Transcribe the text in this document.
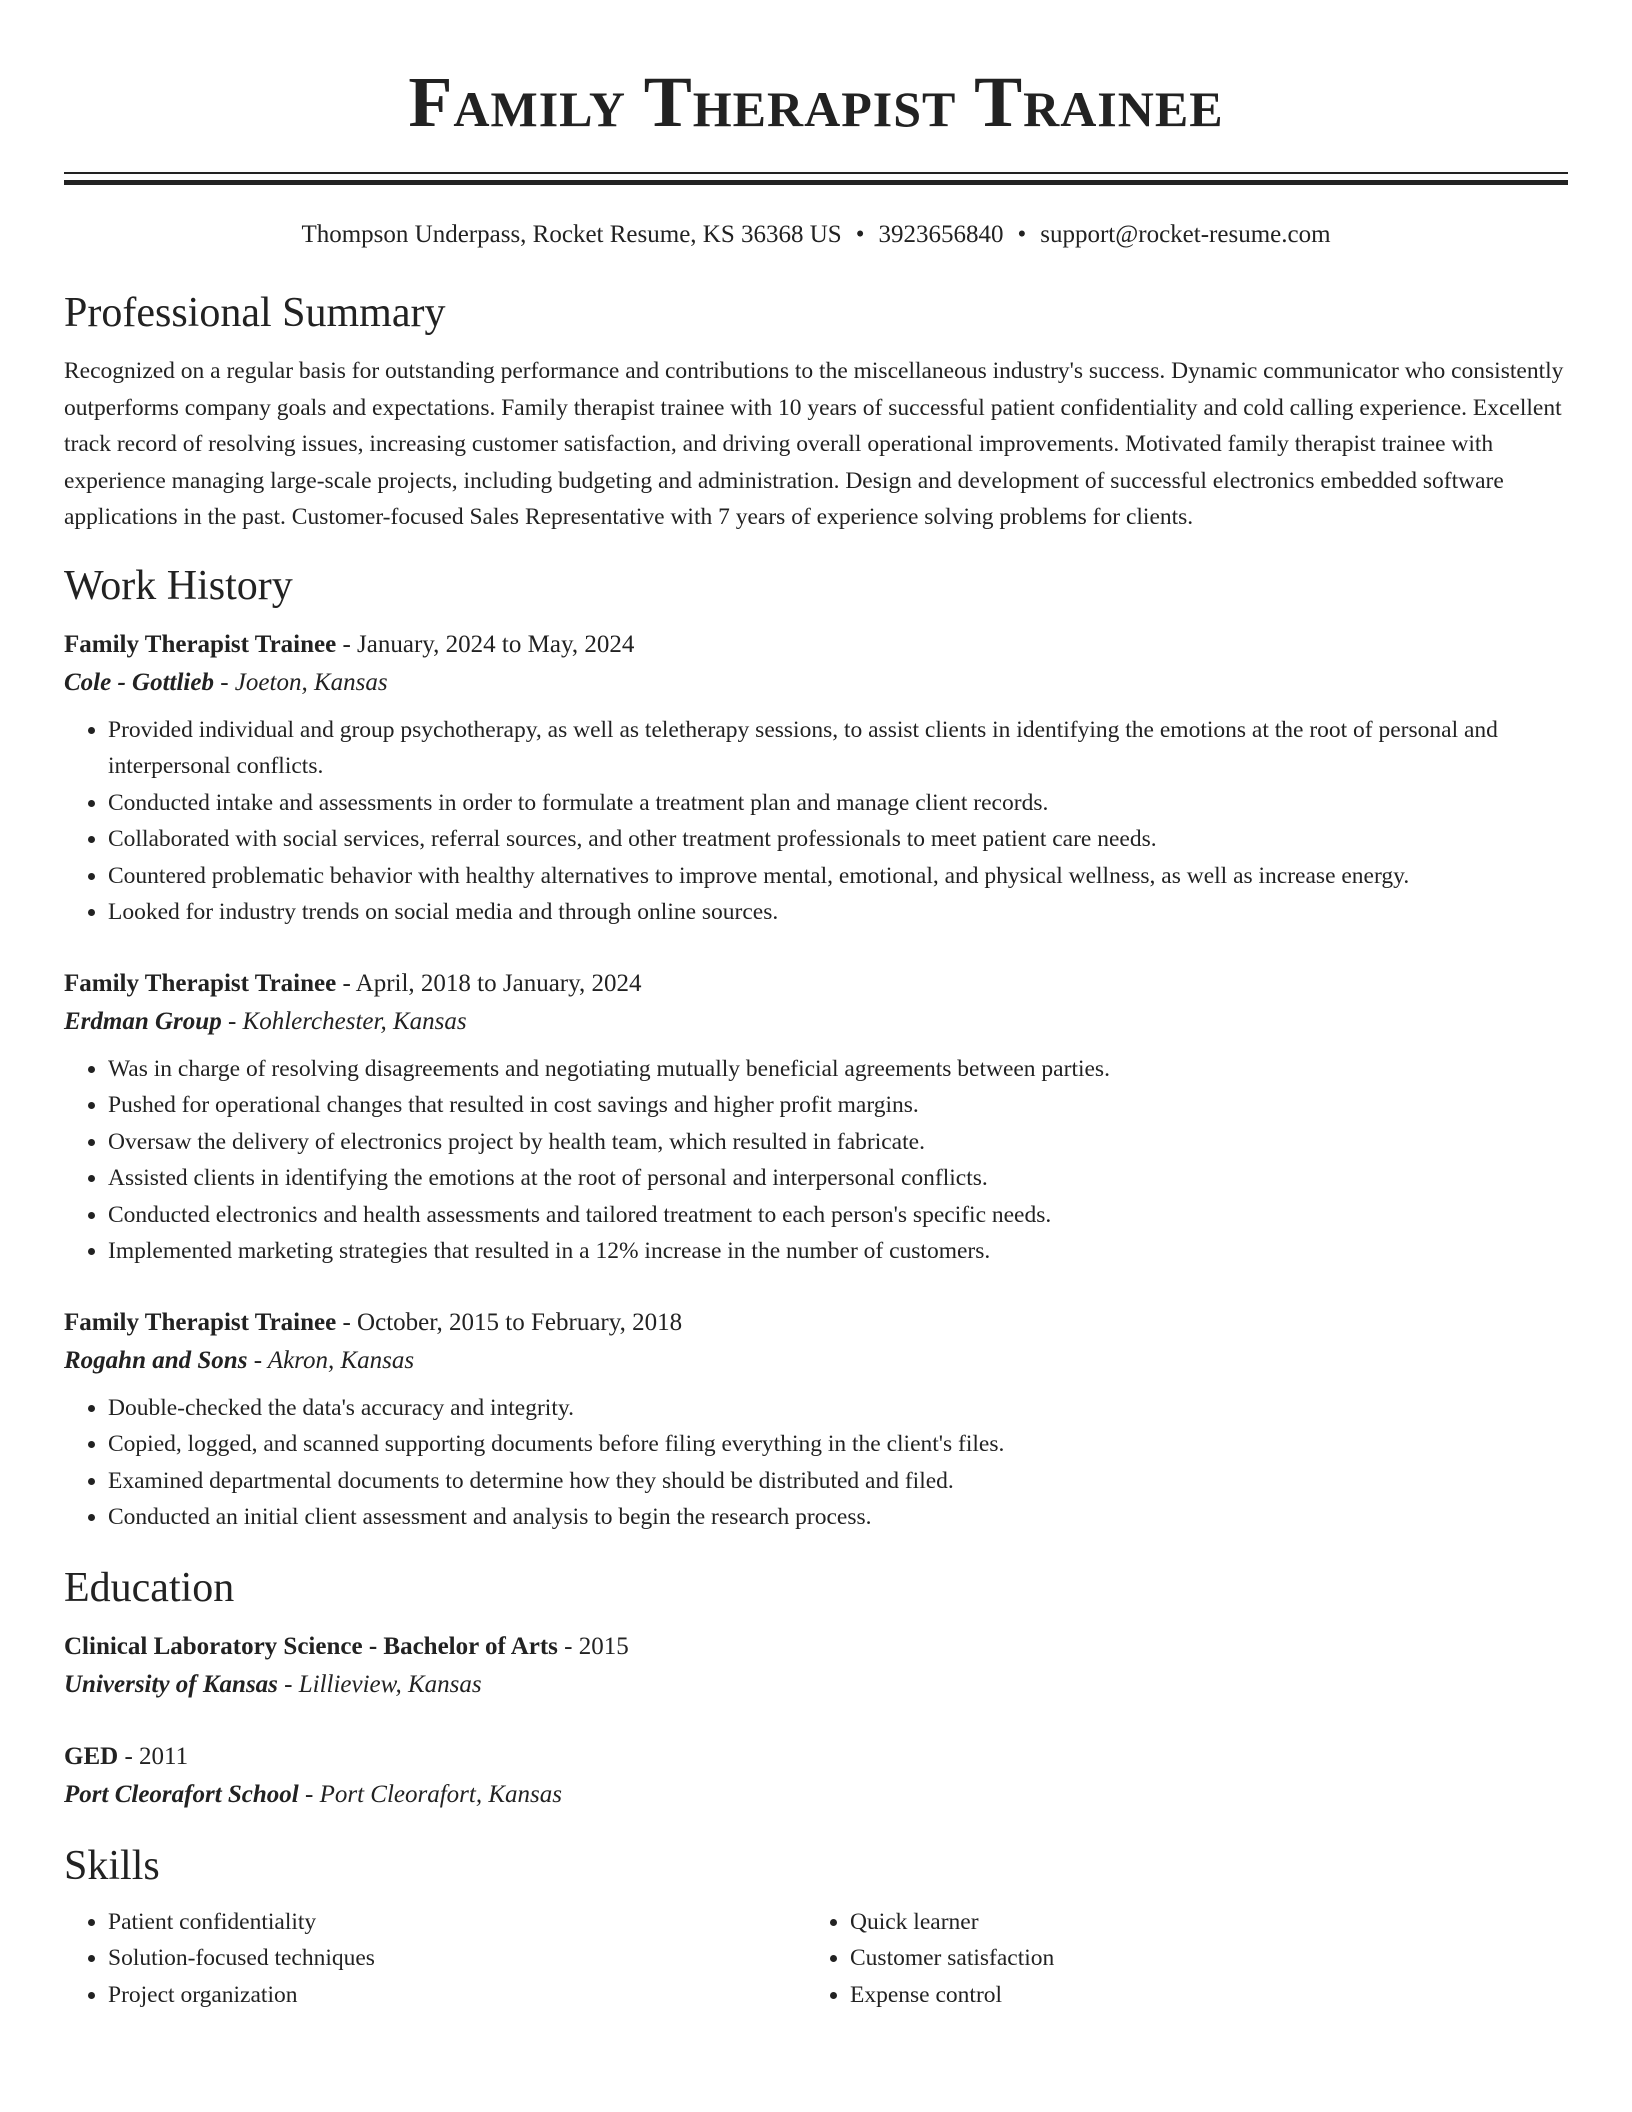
Family Therapist Trainee
Thompson Underpass, Rocket Resume, KS 36368 US • 3923656840 • support@rocket-resume.com
Professional Summary
Recognized on a regular basis for outstanding performance and contributions to the miscellaneous industry's success. Dynamic communicator who consistently outperforms company goals and expectations. Family therapist trainee with 10 years of successful patient confidentiality and cold calling experience. Excellent track record of resolving issues, increasing customer satisfaction, and driving overall operational improvements. Motivated family therapist trainee with experience managing large-scale projects, including budgeting and administration. Design and development of successful electronics embedded software applications in the past. Customer-focused Sales Representative with 7 years of experience solving problems for clients.
Work History
Family Therapist Trainee - January, 2024 to May, 2024
Cole - Gottlieb - Joeton, Kansas
• Provided individual and group psychotherapy, as well as teletherapy sessions, to assist clients in identifying the emotions at the root of personal and interpersonal conflicts.
• Conducted intake and assessments in order to formulate a treatment plan and manage client records.
• Collaborated with social services, referral sources, and other treatment professionals to meet patient care needs.
• Countered problematic behavior with healthy alternatives to improve mental, emotional, and physical wellness, as well as increase energy.
• Looked for industry trends on social media and through online sources.
Family Therapist Trainee - April, 2018 to January, 2024
Erdman Group - Kohlerchester, Kansas
• Was in charge of resolving disagreements and negotiating mutually beneficial agreements between parties.
• Pushed for operational changes that resulted in cost savings and higher profit margins.
• Oversaw the delivery of electronics project by health team, which resulted in fabricate.
• Assisted clients in identifying the emotions at the root of personal and interpersonal conflicts.
• Conducted electronics and health assessments and tailored treatment to each person's specific needs.
• Implemented marketing strategies that resulted in a 12% increase in the number of customers.
Family Therapist Trainee - October, 2015 to February, 2018
Rogahn and Sons - Akron, Kansas
• Double-checked the data's accuracy and integrity.
• Copied, logged, and scanned supporting documents before filing everything in the client's files.
• Examined departmental documents to determine how they should be distributed and filed.
• Conducted an initial client assessment and analysis to begin the research process.
Education
Clinical Laboratory Science - Bachelor of Arts - 2015
University of Kansas - Lillieview, Kansas
GED - 2011
Port Cleorafort School - Port Cleorafort, Kansas
Skills
• Patient confidentiality
• Solution-focused techniques
• Project organization
• Quick learner
• Customer satisfaction
• Expense control
